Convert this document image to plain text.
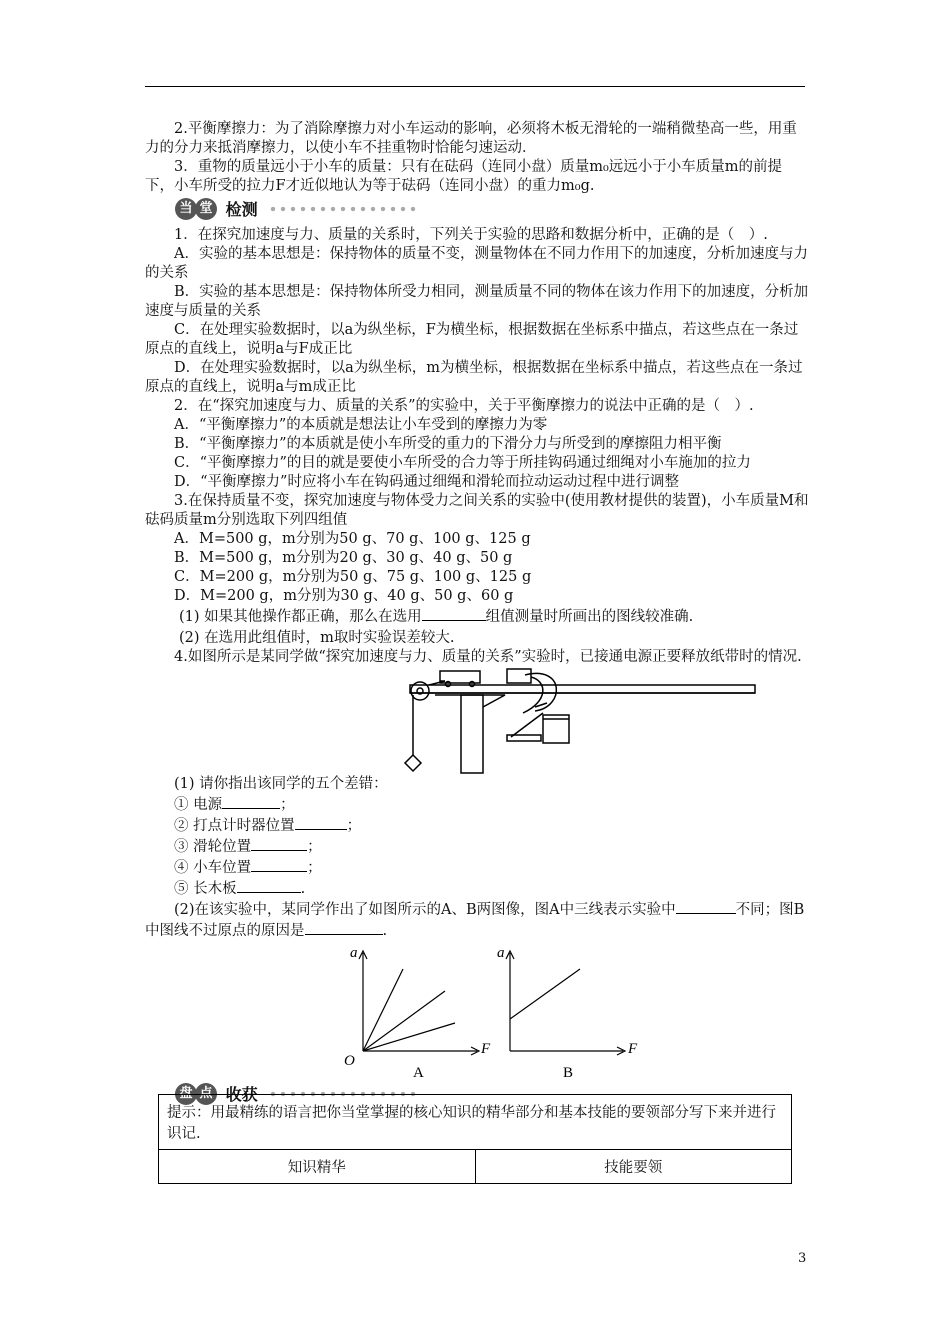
2.平衡摩擦力：为了消除摩擦力对小车运动的影响，必须将木板无滑轮的一端稍微垫高一些，用重力的分力来抵消摩擦力，以使小车不挂重物时恰能匀速运动．

3．重物的质量远小于小车的质量：只有在砝码（连同小盘）质量m₀远远小于小车质量m的前提下，小车所受的拉力F才近似地认为等于砝码（连同小盘）的重力m₀g.

当 堂 检测

1．在探究加速度与力、质量的关系时，下列关于实验的思路和数据分析中，正确的是（　）.

A．实验的基本思想是：保持物体的质量不变，测量物体在不同力作用下的加速度，分析加速度与力的关系

B．实验的基本思想是：保持物体所受力相同，测量质量不同的物体在该力作用下的加速度，分析加速度与质量的关系

C．在处理实验数据时，以a为纵坐标，F为横坐标，根据数据在坐标系中描点，若这些点在一条过原点的直线上，说明a与F成正比

D．在处理实验数据时，以a为纵坐标，m为横坐标，根据数据在坐标系中描点，若这些点在一条过原点的直线上，说明a与m成正比

2．在“探究加速度与力、质量的关系”的实验中，关于平衡摩擦力的说法中正确的是（　）.

A．“平衡摩擦力”的本质就是想法让小车受到的摩擦力为零

B．“平衡摩擦力”的本质就是使小车所受的重力的下滑分力与所受到的摩擦阻力相平衡

C．“平衡摩擦力”的目的就是要使小车所受的合力等于所挂钩码通过细绳对小车施加的拉力

D．“平衡摩擦力”时应将小车在钩码通过细绳和滑轮而拉动运动过程中进行调整

3.在保持质量不变，探究加速度与物体受力之间关系的实验中(使用教材提供的装置)，小车质量M和砝码质量m分别选取下列四组值

A．M=500 g，m分别为50 g、70 g、100 g、125 g

B．M=500 g，m分别为20 g、30 g、40 g、50 g

C．M=200 g，m分别为50 g、75 g、100 g、125 g

D．M=200 g，m分别为30 g、40 g、50 g、60 g

(1) 如果其他操作都正确，那么在选用	组值测量时所画出的图线较准确.

(2) 在选用此组值时，m取时实验误差较大.

4.如图所示是某同学做“探究加速度与力、质量的关系”实验时，已接通电源正要释放纸带时的情况.

(1) 请你指出该同学的五个差错：

① 电源	；

② 打点计时器位置	；

③ 滑轮位置	；

④ 小车位置	；

⑤ 长木板	.

(2)在该实验中，某同学作出了如图所示的A、B两图像，图A中三线表示实验中	不同；图B中图线不过原点的原因是	.

a
F
O
a
F
A	B
盘 点 收获
提示：用最精练的语言把你当堂掌握的核心知识的精华部分和基本技能的要领部分写下来并进行识记.
知识精华	技能要领
3
